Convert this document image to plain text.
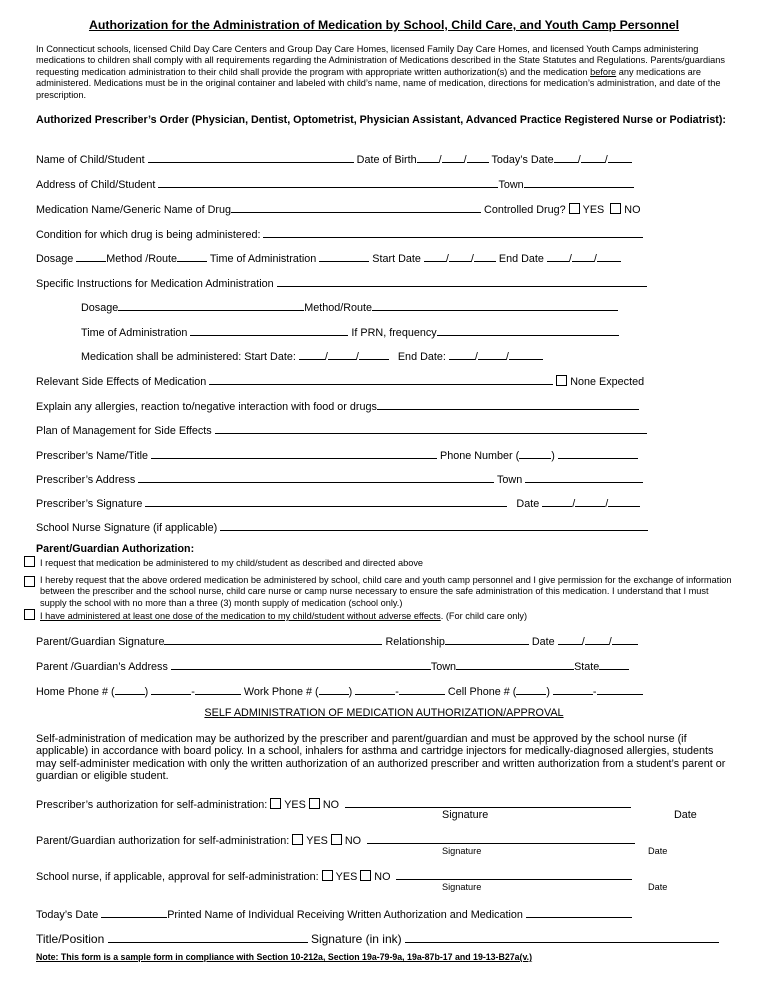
Authorization for the Administration of Medication by School, Child Care, and Youth Camp Personnel
In Connecticut schools, licensed Child Day Care Centers and Group Day Care Homes, licensed Family Day Care Homes, and licensed Youth Camps administering medications to children shall comply with all requirements regarding the Administration of Medications described in the State Statutes and Regulations. Parents/guardians requesting medication administration to their child shall provide the program with appropriate written authorization(s) and the medication before any medications are administered. Medications must be in the original container and labeled with child’s name, name of medication, directions for medication’s administration, and date of the prescription.
Authorized Prescriber’s Order (Physician, Dentist, Optometrist, Physician Assistant, Advanced Practice Registered Nurse or Podiatrist):
Name of Child/Student	Date of Birth / / Today’s Date / /
Address of Child/Student	Town
Medication Name/Generic Name of Drug	Controlled Drug? YES NO
Condition for which drug is being administered:
Dosage	Method /Route	Time of Administration	Start Date / / End Date / /
Specific Instructions for Medication Administration
Dosage	Method/Route
Time of Administration	If PRN, frequency
Medication shall be administered: Start Date:	/	/	End Date:	/	/
Relevant Side Effects of Medication	None Expected
Explain any allergies, reaction to/negative interaction with food or drugs
Plan of Management for Side Effects
Prescriber’s Name/Title	Phone Number (	)
Prescriber’s Address	Town
Prescriber’s Signature	Date	/	/
School Nurse Signature (if applicable)
Parent/Guardian Authorization:
I request that medication be administered to my child/student as described and directed above
I hereby request that the above ordered medication be administered by school, child care and youth camp personnel and I give permission for the exchange of information between the prescriber and the school nurse, child care nurse or camp nurse necessary to ensure the safe administration of this medication. I understand that I must supply the school with no more than a three (3) month supply of medication (school only.)
I have administered at least one dose of the medication to my child/student without adverse effects. (For child care only)
Parent/Guardian Signature	Relationship	Date	/ /
Parent /Guardian’s Address	Town	State
Home Phone # (	)	-	Work Phone # (	)	-	Cell Phone # (	)	-
SELF ADMINISTRATION OF MEDICATION AUTHORIZATION/APPROVAL
Self-administration of medication may be authorized by the prescriber and parent/guardian and must be approved by the school nurse (if applicable) in accordance with board policy. In a school, inhalers for asthma and cartridge injectors for medically-diagnosed allergies, students may self-administer medication with only the written authorization of an authorized prescriber and written authorization from a student’s parent or guardian or eligible student.
Prescriber’s authorization for self-administration: YES NO
Signature	Date
Parent/Guardian authorization for self-administration: YES NO
Signature	Date
School nurse, if applicable, approval for self-administration: YES NO
Signature	Date
Today’s Date	Printed Name of Individual Receiving Written Authorization and Medication
Title/Position	Signature (in ink)
Note: This form is a sample form in compliance with Section 10-212a, Section 19a-79-9a, 19a-87b-17 and 19-13-B27a(v.)
